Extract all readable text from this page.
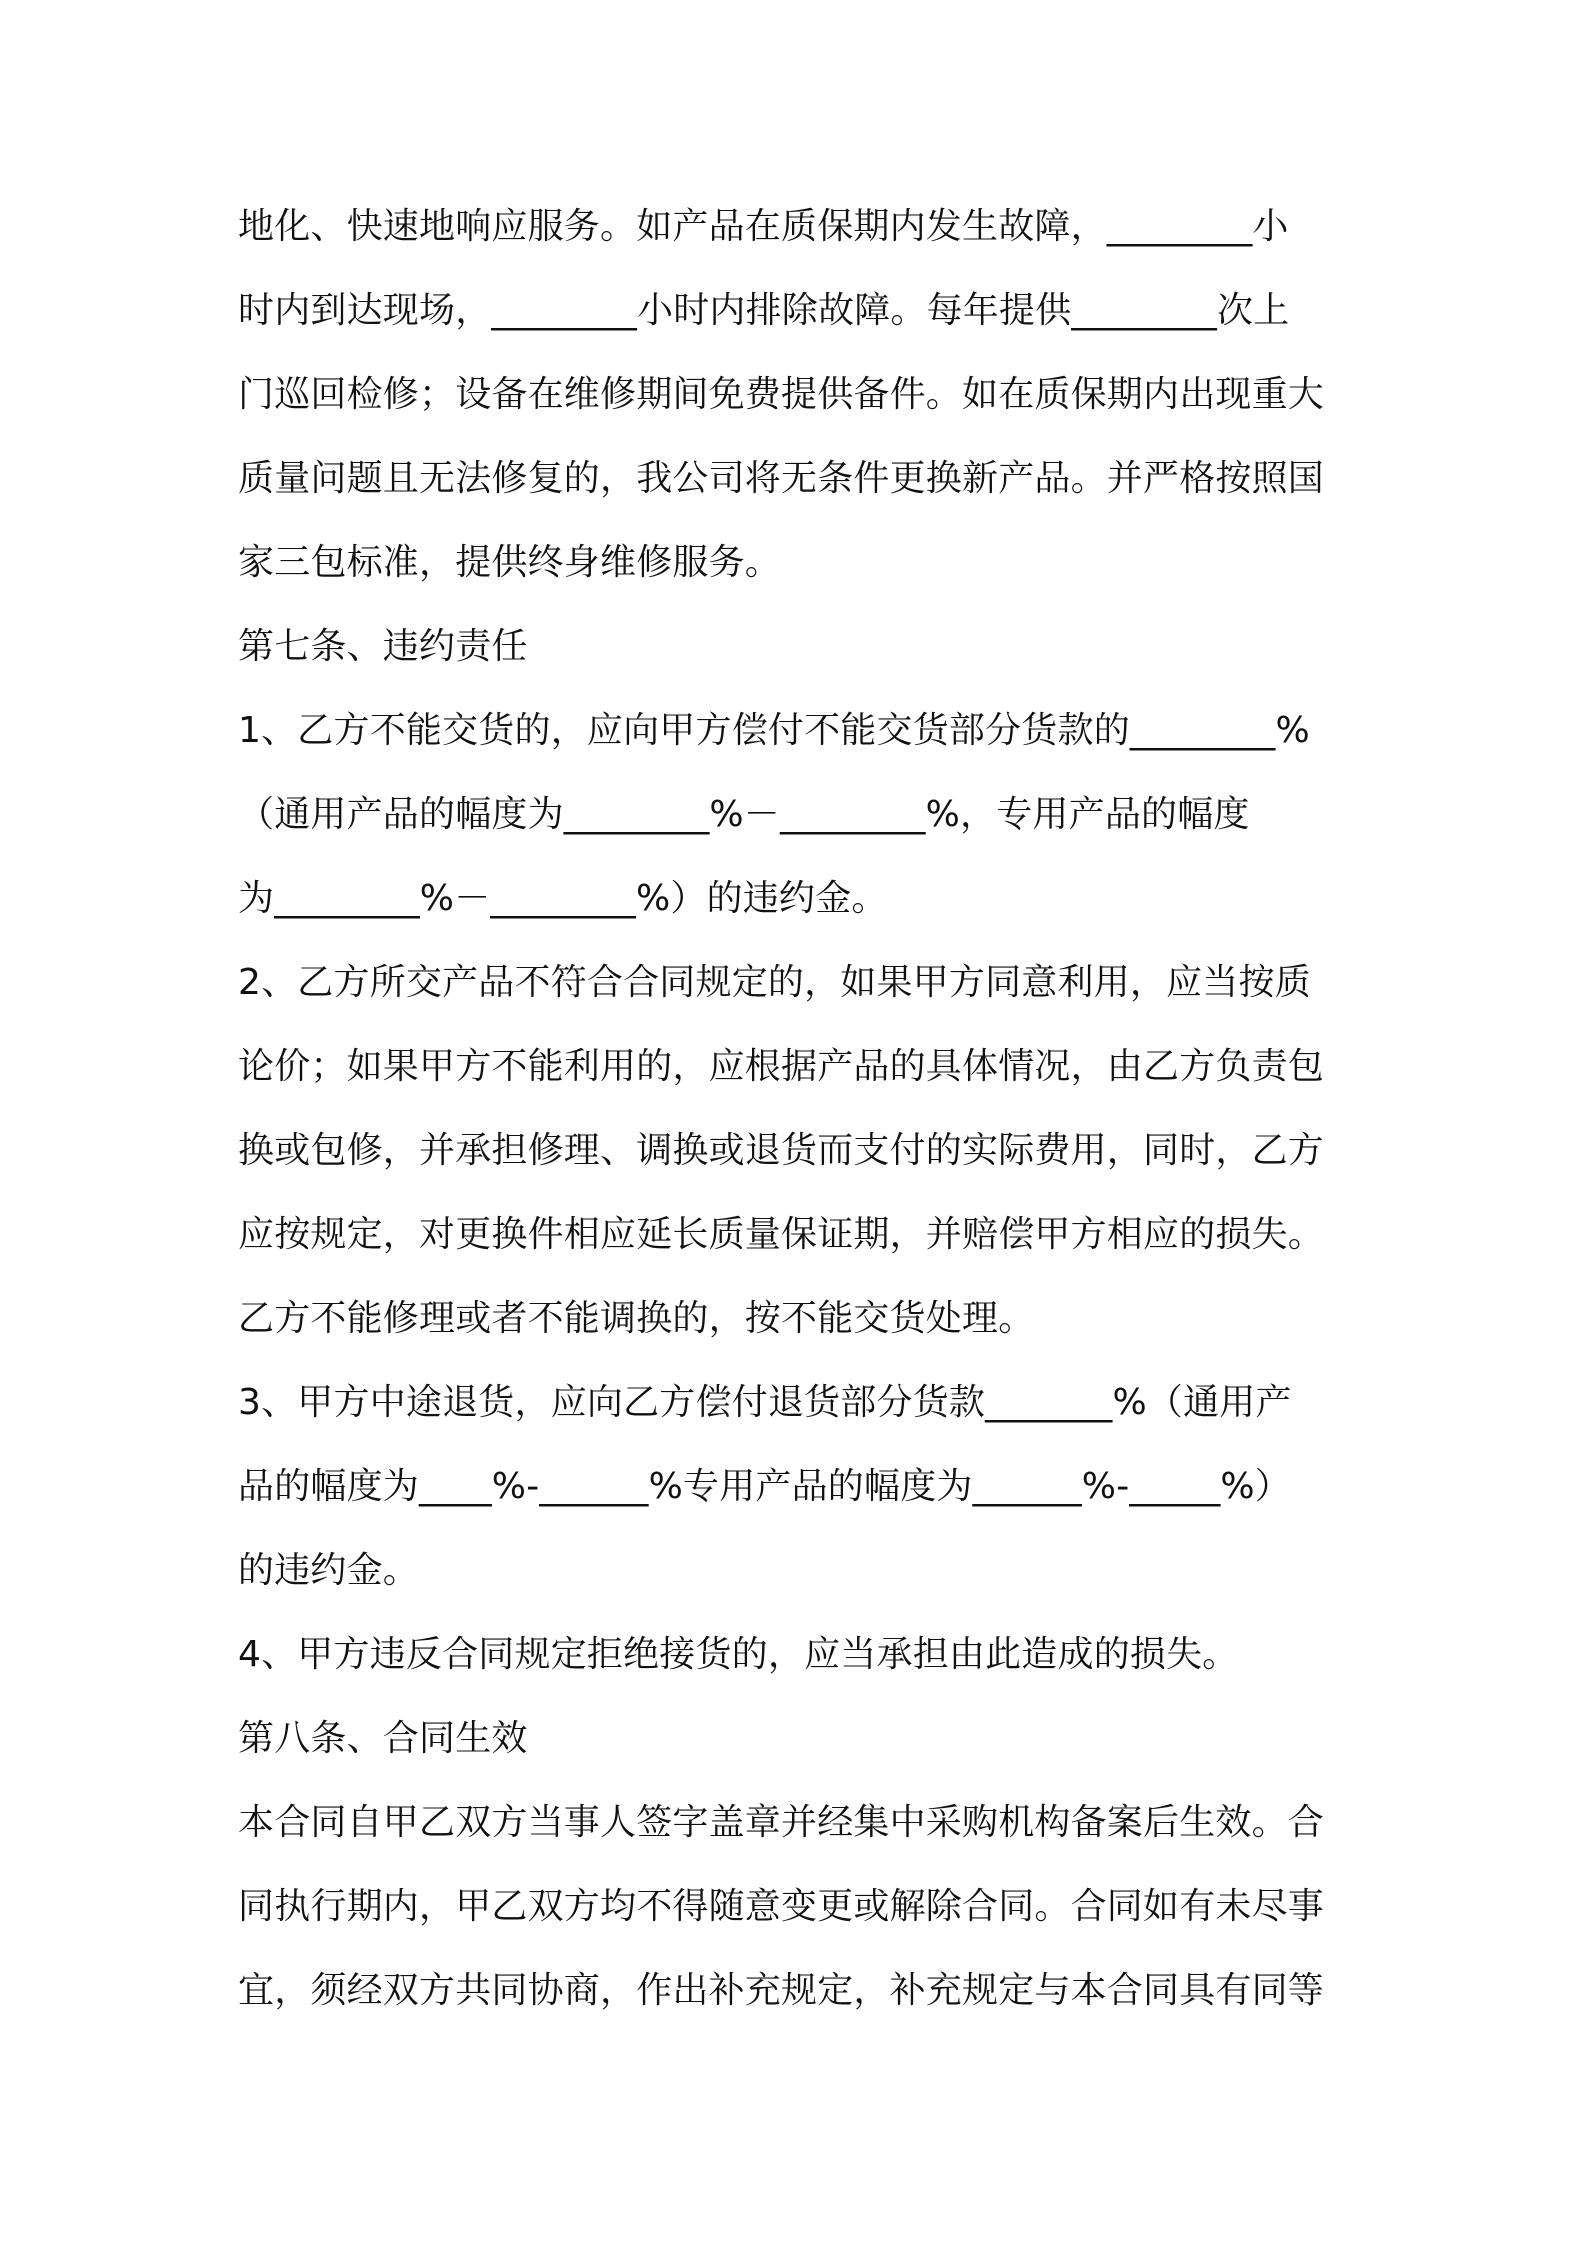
地化、快速地响应服务。如产品在质保期内发生故障，________小
时内到达现场，________小时内排除故障。每年提供________次上
门巡回检修；设备在维修期间免费提供备件。如在质保期内出现重大
质量问题且无法修复的，我公司将无条件更换新产品。并严格按照国
家三包标准，提供终身维修服务。
第七条、违约责任
1、乙方不能交货的，应向甲方偿付不能交货部分货款的________%
（通用产品的幅度为________%－________%，专用产品的幅度
为________%－________%）的违约金。
2、乙方所交产品不符合合同规定的，如果甲方同意利用，应当按质
论价；如果甲方不能利用的，应根据产品的具体情况，由乙方负责包
换或包修，并承担修理、调换或退货而支付的实际费用，同时，乙方
应按规定，对更换件相应延长质量保证期，并赔偿甲方相应的损失。
乙方不能修理或者不能调换的，按不能交货处理。
3、甲方中途退货，应向乙方偿付退货部分货款_______%（通用产
品的幅度为____%-______%专用产品的幅度为______%-_____%）
的违约金。
4、甲方违反合同规定拒绝接货的，应当承担由此造成的损失。
第八条、合同生效
本合同自甲乙双方当事人签字盖章并经集中采购机构备案后生效。合
同执行期内，甲乙双方均不得随意变更或解除合同。合同如有未尽事
宜，须经双方共同协商，作出补充规定，补充规定与本合同具有同等
